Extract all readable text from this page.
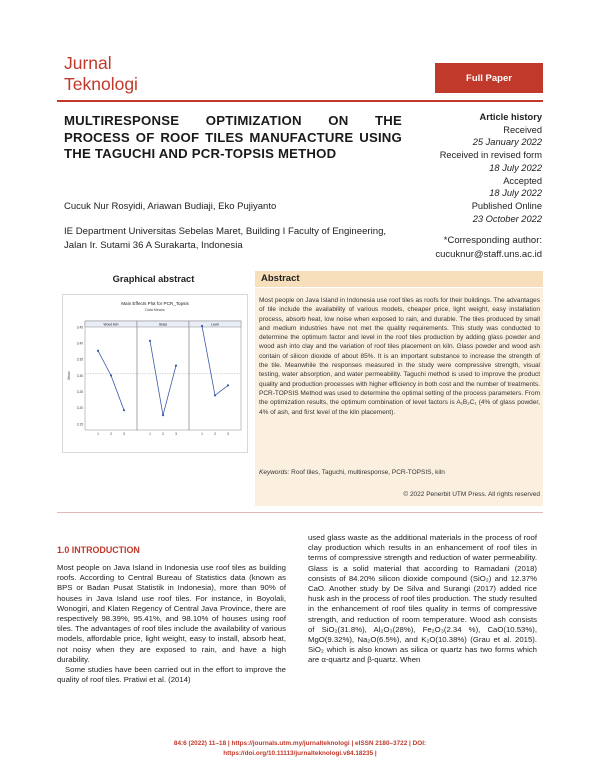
Jurnal
Teknologi	Full Paper
MULTIRESPONSE OPTIMIZATION ON THE PROCESS OF ROOF TILES MANUFACTURE USING THE TAGUCHI AND PCR-TOPSIS METHOD
Article history
Received
25 January 2022
Received in revised form
18 July 2022
Accepted
18 July 2022
Published Online
23 October 2022
Cucuk Nur Rosyidi, Ariawan Budiaji, Eko Pujiyanto
IE Department Universitas Sebelas Maret, Building I Faculty of Engineering, Jalan Ir. Sutami 36 A Surakarta, Indonesia	*Corresponding author:
cucuknur@staff.uns.ac.id
Graphical abstract
Main Effects Plot for PCR_Topsis
Data Means
3.45
3.40
3.35
3.30
3.25
3.20
3.15
Mean
Wood Ash
1	2	3
Glass
1	2	3
Level
1	2	3
Abstract
Most people on Java Island in Indonesia use roof tiles as roofs for their buildings. The advantages of tile include the availability of various models, cheaper price, light weight, easy installation process, absorb heat, low noise when exposed to rain, and durable. The tiles produced by small and medium industries have not met the quality requirements. This study was conducted to determine the optimum factor and level in the roof tiles production by adding glass powder and wood ash into clay and the variation of roof tiles placement on kiln. Glass powder and wood ash contain of silicon dioxide of about 85%. It is an important substance to increase the strength of the tile. Meanwhile the responses measured in the study were compressive strength, visual testing, water absorption, and water permeability. Taguchi method is used to improve the product quality and production processes with higher efficiency in both cost and the number of treatments. PCR-TOPSIS Method was used to determine the optimal setting of the process parameters. From the optimization results, the optimum combination of level factors is A₁B₂C₁ (4% of glass powder, 4% of ash, and first level of the kiln placement).
Keywords: Roof tiles, Taguchi, multiresponse, PCR-TOPSIS, kiln
© 2022 Penerbit UTM Press. All rights reserved
1.0 INTRODUCTION

Most people on Java Island in Indonesia use roof tiles as building roofs. According to Central Bureau of Statistics data (known as BPS or Badan Pusat Statistik in Indonesia), more than 90% of houses in Java Island use roof tiles. For instance, in Boyolali, Wonogiri, and Klaten Regency of Central Java Province, there are respectively 98.39%, 95.41%, and 98.10% of houses using roof tiles. The advantages of roof tiles include the availability of various models, affordable price, light weight, easy to install, absorb heat, not noisy when they are exposed to rain, and have a high durability.

Some studies have been carried out in the effort to improve the quality of roof tiles. Pratiwi et al. (2014)

used glass waste as the additional materials in the process of roof clay production which results in an enhancement of roof tiles in terms of compressive strength and reduction of water permeability. Glass is a solid material that according to Ramadani (2018) consists of 84.20% silicon dioxide compound (SiO₂) and 12.37% CaO. Another study by De Silva and Surangi (2017) added rice husk ash in the process of roof tiles production. The study resulted in the enhancement of roof tiles quality in terms of compressive strength, and reduction of room temperature. Wood ash consists of SiO₂(31.8%), Al₂O₃(28%), Fe₂O₃(2.34 %), CaO(10.53%), MgO(9.32%), Na₂O(6.5%), and K₂O(10.38%) (Grau et al. 2015). SiO₂ which is also known as silica or quartz has two forms which are α-quartz and β-quartz. When

84:6 (2022) 11–18 | https://journals.utm.my/jurnalteknologi | eISSN 2180–3722 | DOI:
https://doi.org/10.11113/jurnalteknologi.v84.18235 |
